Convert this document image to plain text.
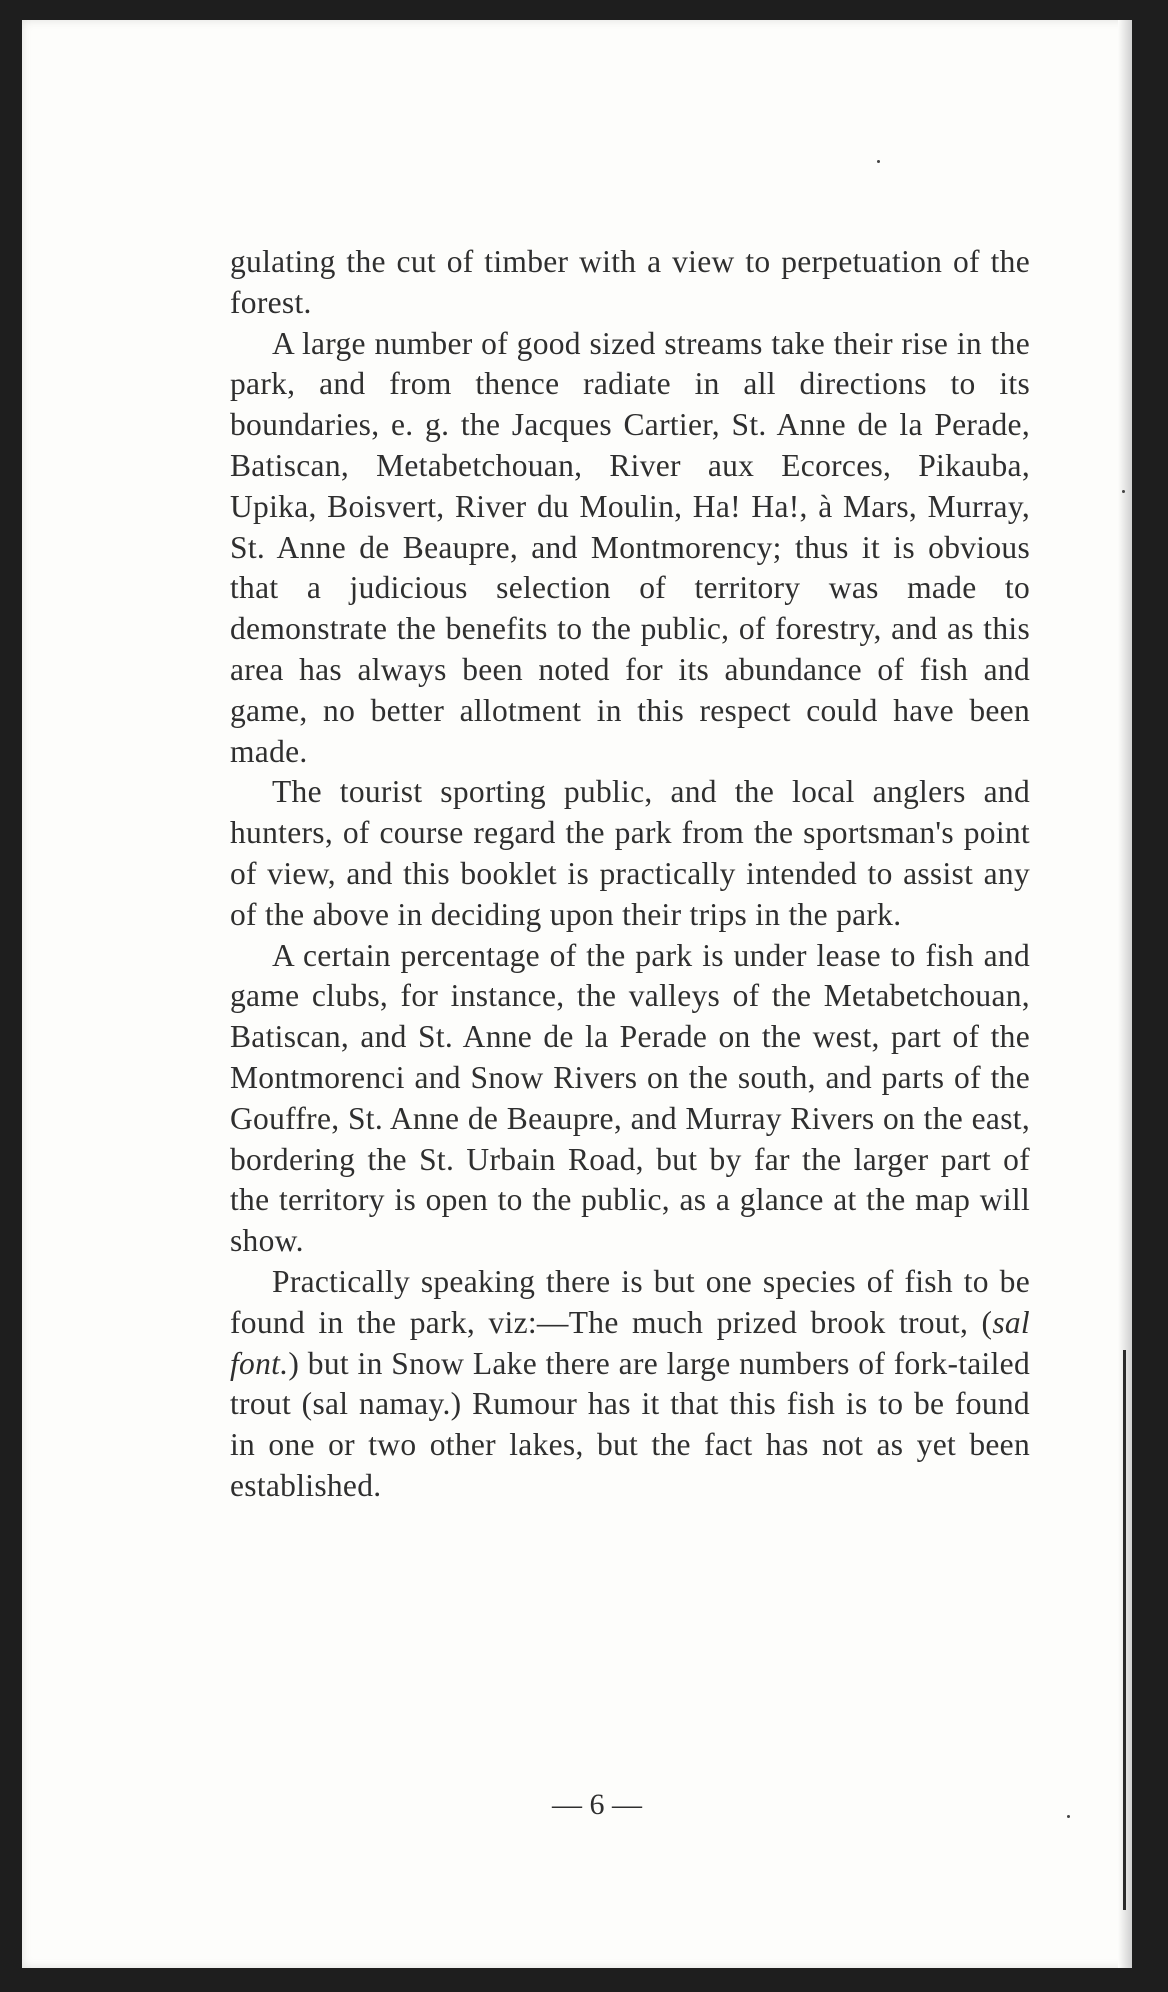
gulating the cut of timber with a view to perpetuation of the forest.

A large number of good sized streams take their rise in the park, and from thence radiate in all directions to its boundaries, e. g. the Jacques Cartier, St. Anne de la Perade, Batiscan, Metabetchouan, River aux Ecorces, Pikauba, Upika, Boisvert, River du Moulin, Ha! Ha!, à Mars, Murray, St. Anne de Beaupre, and Montmorency; thus it is obvious that a judicious selection of territory was made to demonstrate the benefits to the public, of forestry, and as this area has always been noted for its abundance of fish and game, no better allotment in this respect could have been made.

The tourist sporting public, and the local anglers and hunters, of course regard the park from the sportsman's point of view, and this booklet is practically intended to assist any of the above in deciding upon their trips in the park.

A certain percentage of the park is under lease to fish and game clubs, for instance, the valleys of the Metabetchouan, Batiscan, and St. Anne de la Perade on the west, part of the Montmorenci and Snow Rivers on the south, and parts of the Gouffre, St. Anne de Beaupre, and Murray Rivers on the east, bordering the St. Urbain Road, but by far the larger part of the territory is open to the public, as a glance at the map will show.

Practically speaking there is but one species of fish to be found in the park, viz:—The much prized brook trout, (sal font.) but in Snow Lake there are large numbers of fork-tailed trout (sal namay.) Rumour has it that this fish is to be found in one or two other lakes, but the fact has not as yet been established.

— 6 —
